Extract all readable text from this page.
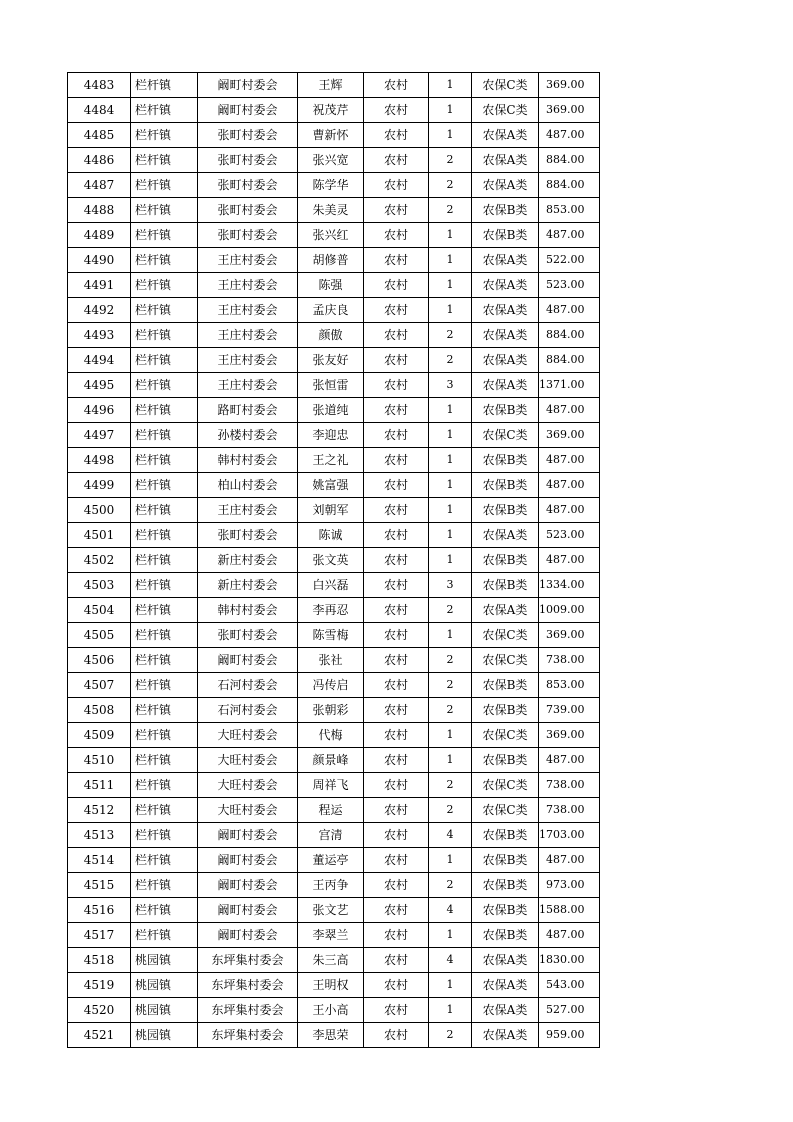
4483	栏杆镇	阚町村委会	王辉	农村	1	农保C类	369.00
4484	栏杆镇	阚町村委会	祝茂芹	农村	1	农保C类	369.00
4485	栏杆镇	张町村委会	曹新怀	农村	1	农保A类	487.00
4486	栏杆镇	张町村委会	张兴宽	农村	2	农保A类	884.00
4487	栏杆镇	张町村委会	陈学华	农村	2	农保A类	884.00
4488	栏杆镇	张町村委会	朱美灵	农村	2	农保B类	853.00
4489	栏杆镇	张町村委会	张兴红	农村	1	农保B类	487.00
4490	栏杆镇	王庄村委会	胡修普	农村	1	农保A类	522.00
4491	栏杆镇	王庄村委会	陈强	农村	1	农保A类	523.00
4492	栏杆镇	王庄村委会	孟庆良	农村	1	农保A类	487.00
4493	栏杆镇	王庄村委会	颜傲	农村	2	农保A类	884.00
4494	栏杆镇	王庄村委会	张友好	农村	2	农保A类	884.00
4495	栏杆镇	王庄村委会	张恒雷	农村	3	农保A类	1371.00
4496	栏杆镇	路町村委会	张道纯	农村	1	农保B类	487.00
4497	栏杆镇	孙楼村委会	李迎忠	农村	1	农保C类	369.00
4498	栏杆镇	韩村村委会	王之礼	农村	1	农保B类	487.00
4499	栏杆镇	柏山村委会	姚富强	农村	1	农保B类	487.00
4500	栏杆镇	王庄村委会	刘朝军	农村	1	农保B类	487.00
4501	栏杆镇	张町村委会	陈诚	农村	1	农保A类	523.00
4502	栏杆镇	新庄村委会	张文英	农村	1	农保B类	487.00
4503	栏杆镇	新庄村委会	白兴磊	农村	3	农保B类	1334.00
4504	栏杆镇	韩村村委会	李再忍	农村	2	农保A类	1009.00
4505	栏杆镇	张町村委会	陈雪梅	农村	1	农保C类	369.00
4506	栏杆镇	阚町村委会	张社	农村	2	农保C类	738.00
4507	栏杆镇	石河村委会	冯传启	农村	2	农保B类	853.00
4508	栏杆镇	石河村委会	张朝彩	农村	2	农保B类	739.00
4509	栏杆镇	大旺村委会	代梅	农村	1	农保C类	369.00
4510	栏杆镇	大旺村委会	颜景峰	农村	1	农保B类	487.00
4511	栏杆镇	大旺村委会	周祥飞	农村	2	农保C类	738.00
4512	栏杆镇	大旺村委会	程运	农村	2	农保C类	738.00
4513	栏杆镇	阚町村委会	宫清	农村	4	农保B类	1703.00
4514	栏杆镇	阚町村委会	董运亭	农村	1	农保B类	487.00
4515	栏杆镇	阚町村委会	王丙争	农村	2	农保B类	973.00
4516	栏杆镇	阚町村委会	张文艺	农村	4	农保B类	1588.00
4517	栏杆镇	阚町村委会	李翠兰	农村	1	农保B类	487.00
4518	桃园镇	东坪集村委会	朱三高	农村	4	农保A类	1830.00
4519	桃园镇	东坪集村委会	王明权	农村	1	农保A类	543.00
4520	桃园镇	东坪集村委会	王小高	农村	1	农保A类	527.00
4521	桃园镇	东坪集村委会	李思荣	农村	2	农保A类	959.00
